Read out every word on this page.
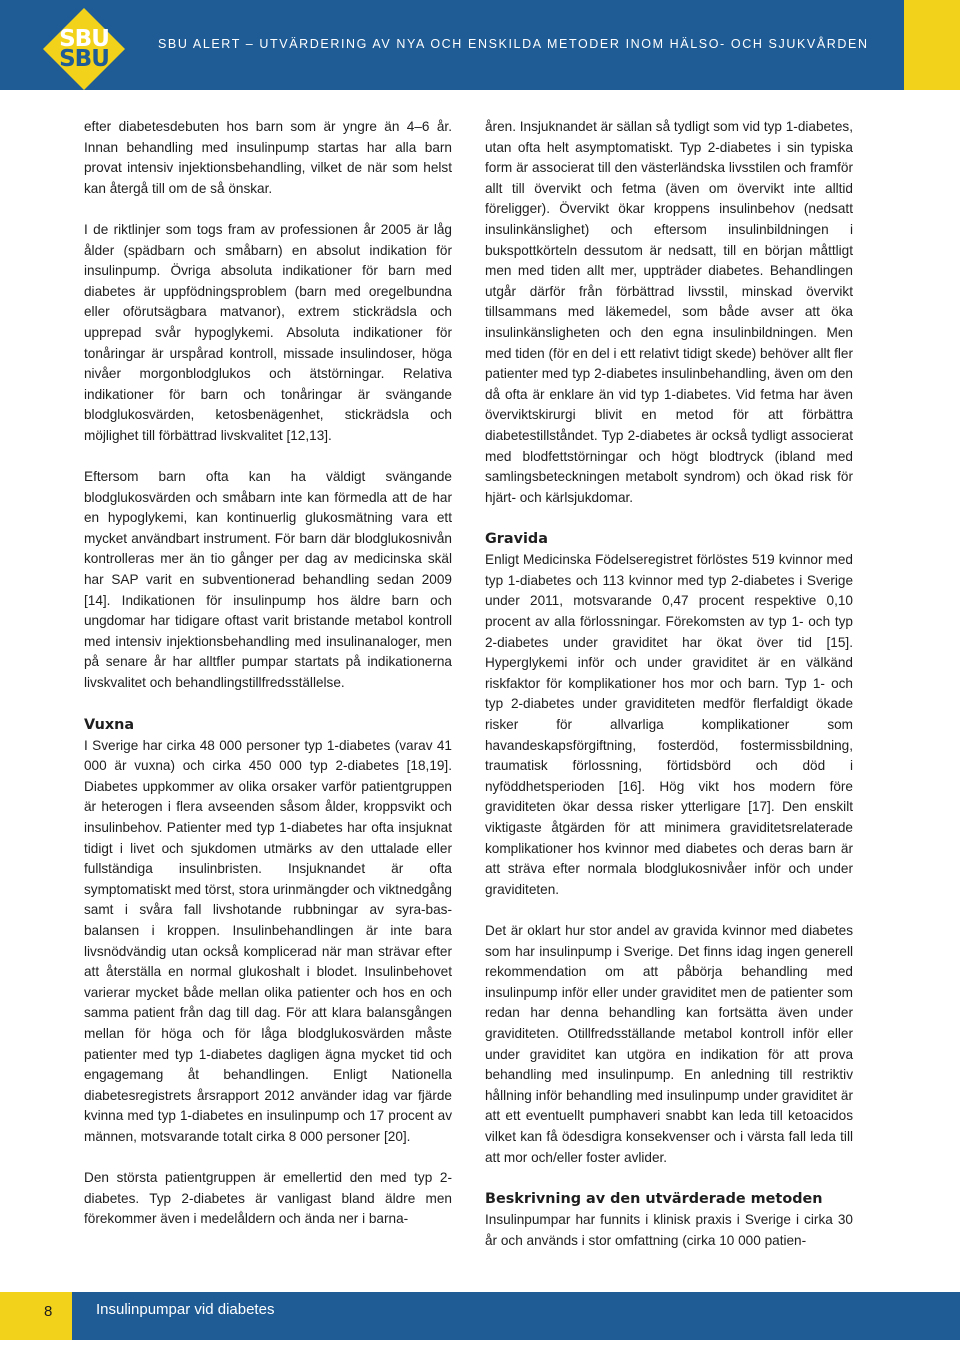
SBU
SBU
SBU ALERT – UTVÄRDERING AV NYA OCH ENSKILDA METODER INOM HÄLSO- OCH SJUKVÅRDEN

efter diabetesdebuten hos barn som är yngre än 4–6 år. Innan behandling med insulinpump startas har alla barn provat intensiv injektionsbehandling, vilket de när som helst kan återgå till om de så önskar.

I de riktlinjer som togs fram av professionen år 2005 är låg ålder (spädbarn och småbarn) en absolut indikation för insulinpump. Övriga absoluta indikationer för barn med diabetes är uppfödningsproblem (barn med oregelbundna eller oförutsägbara matvanor), extrem stickrädsla och upprepad svår hypoglykemi. Absoluta indikationer för tonåringar är urspårad kontroll, missade insulindoser, höga nivåer morgonblodglukos och ätstörningar. Relativa indikationer för barn och tonåringar är svängande blodglukosvärden, ketosbenägenhet, stickrädsla och möjlighet till förbättrad livskvalitet [12,13].

Eftersom barn ofta kan ha väldigt svängande blodglukosvärden och småbarn inte kan förmedla att de har en hypoglykemi, kan kontinuerlig glukosmätning vara ett mycket användbart instrument. För barn där blodglukosnivån kontrolleras mer än tio gånger per dag av medicinska skäl har SAP varit en subventionerad behandling sedan 2009 [14]. Indikationen för insulinpump hos äldre barn och ungdomar har tidigare oftast varit bristande metabol kontroll med intensiv injektionsbehandling med insulinanaloger, men på senare år har alltfler pumpar startats på indikationerna livskvalitet och behandlingstillfredsställelse.

Vuxna

I Sverige har cirka 48 000 personer typ 1-diabetes (varav 41 000 är vuxna) och cirka 450 000 typ 2-diabetes [18,19]. Diabetes uppkommer av olika orsaker varför patientgruppen är heterogen i flera avseenden såsom ålder, kroppsvikt och insulinbehov. Patienter med typ 1-diabetes har ofta insjuknat tidigt i livet och sjukdomen utmärks av den uttalade eller fullständiga insulinbristen. Insjuknandet är ofta symptomatiskt med törst, stora urinmängder och viktnedgång samt i svåra fall livshotande rubbningar av syra-bas-balansen i kroppen. Insulinbehandlingen är inte bara livsnödvändig utan också komplicerad när man strävar efter att återställa en normal glukoshalt i blodet. Insulinbehovet varierar mycket både mellan olika patienter och hos en och samma patient från dag till dag. För att klara balansgången mellan för höga och för låga blodglukosvärden måste patienter med typ 1-diabetes dagligen ägna mycket tid och engagemang åt behandlingen. Enligt Nationella diabetesregistrets årsrapport 2012 använder idag var fjärde kvinna med typ 1-diabetes en insulinpump och 17 procent av männen, motsvarande totalt cirka 8 000 personer [20].

Den största patientgruppen är emellertid den med typ 2-diabetes. Typ 2-diabetes är vanligast bland äldre men förekommer även i medelåldern och ända ner i barna-

åren. Insjuknandet är sällan så tydligt som vid typ 1-diabetes, utan ofta helt asymptomatiskt. Typ 2-diabetes i sin typiska form är associerat till den västerländska livsstilen och framför allt till övervikt och fetma (även om övervikt inte alltid föreligger). Övervikt ökar kroppens insulinbehov (nedsatt insulinkänslighet) och eftersom insulinbildningen i bukspottkörteln dessutom är nedsatt, till en början måttligt men med tiden allt mer, uppträder diabetes. Behandlingen utgår därför från förbättrad livsstil, minskad övervikt tillsammans med läkemedel, som både avser att öka insulinkänsligheten och den egna insulinbildningen. Men med tiden (för en del i ett relativt tidigt skede) behöver allt fler patienter med typ 2-diabetes insulinbehandling, även om den då ofta är enklare än vid typ 1-diabetes. Vid fetma har även överviktskirurgi blivit en metod för att förbättra diabetestillståndet. Typ 2-diabetes är också tydligt associerat med blodfettstörningar och högt blodtryck (ibland med samlingsbeteckningen metabolt syndrom) och ökad risk för hjärt- och kärlsjukdomar.

Gravida

Enligt Medicinska Födelseregistret förlöstes 519 kvinnor med typ 1-diabetes och 113 kvinnor med typ 2-diabetes i Sverige under 2011, motsvarande 0,47 procent respektive 0,10 procent av alla förlossningar. Förekomsten av typ 1- och typ 2-diabetes under graviditet har ökat över tid [15]. Hyperglykemi inför och under graviditet är en välkänd riskfaktor för komplikationer hos mor och barn. Typ 1- och typ 2-diabetes under graviditeten medför flerfaldigt ökade risker för allvarliga komplikationer som havandeskapsförgiftning, fosterdöd, fostermissbildning, traumatisk förlossning, förtidsbörd och död i nyföddhetsperioden [16]. Hög vikt hos modern före graviditeten ökar dessa risker ytterligare [17]. Den enskilt viktigaste åtgärden för att minimera graviditetsrelaterade komplikationer hos kvinnor med diabetes och deras barn är att sträva efter normala blodglukosnivåer inför och under graviditeten.

Det är oklart hur stor andel av gravida kvinnor med diabetes som har insulinpump i Sverige. Det finns idag ingen generell rekommendation om att påbörja behandling med insulinpump inför eller under graviditet men de patienter som redan har denna behandling kan fortsätta även under graviditeten. Otillfredsställande metabol kontroll inför eller under graviditet kan utgöra en indikation för att prova behandling med insulinpump. En anledning till restriktiv hållning inför behandling med insulinpump under graviditet är att ett eventuellt pumphaveri snabbt kan leda till ketoacidos vilket kan få ödesdigra konsekvenser och i värsta fall leda till att mor och/eller foster avlider.

Beskrivning av den utvärderade metoden

Insulinpumpar har funnits i klinisk praxis i Sverige i cirka 30 år och används i stor omfattning (cirka 10 000 patien-

8	Insulinpumpar vid diabetes
